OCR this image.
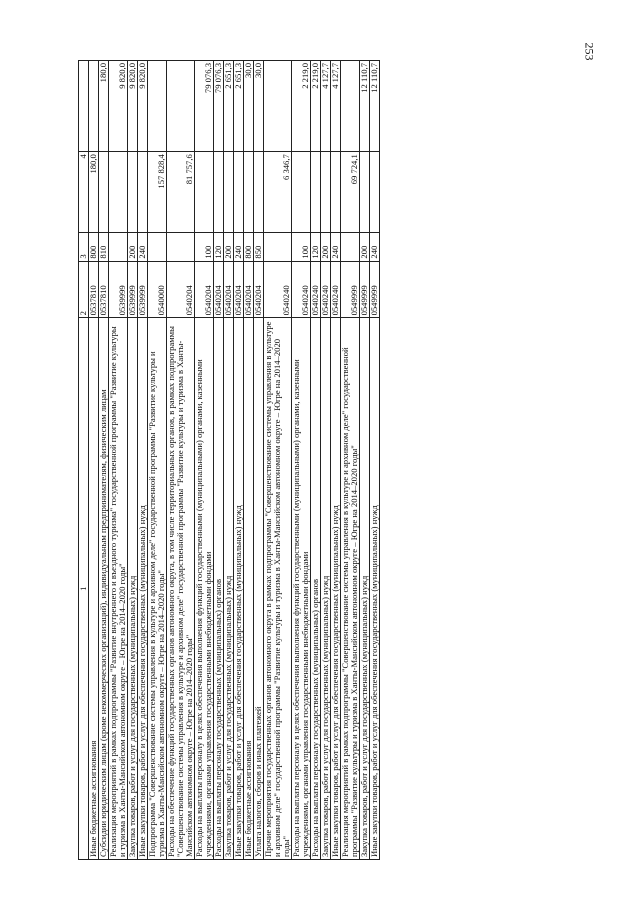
253
1	2	3	4	
Иные бюджетные ассигнования	0537810	800	180,0	
Субсидии юридическим лицам (кроме некоммерческих организаций), индивидуальным предпринимателям, физическим лицам	0537810	810		180,0
Реализация мероприятий в рамках подпрограммы "Развитие внутреннего и въездного туризма" государственной программы "Развитие культуры и туризма в Ханты-Мансийском автономном округе – Югре на 2014–2020 годы"	0539999			9 820,0
Закупка товаров, работ и услуг для государственных (муниципальных) нужд	0539999	200		9 820,0
Иные закупки товаров, работ и услуг для обеспечения государственных (муниципальных) нужд	0539999	240		9 820,0
Подпрограмма "Совершенствование системы управления в культуре и архивном деле" государственной программы "Развитие культуры и туризма в Ханты-Мансийском автономном округе – Югре на 2014–2020 годы"	0540000		157 828,4	
Расходы на обеспечение функций государственных органов автономного округа, в том числе территориальных органов, в рамках подпрограммы "Совершенствование системы управления в культуре и архивном деле" государственной программы "Развитие культуры и туризма в Ханты-Мансийском автономном округе – Югре на 2014–2020 годы"	0540204		81 757,6	
Расходы на выплаты персоналу в целях обеспечения выполнения функций государственными (муниципальными) органами, казенными учреждениями, органами управления государственными внебюджетными фондами	0540204	100		79 076,3
Расходы на выплаты персоналу государственных (муниципальных) органов	0540204	120		79 076,3
Закупка товаров, работ и услуг для государственных (муниципальных) нужд	0540204	200		2 651,3
Иные закупки товаров, работ и услуг для обеспечения государственных (муниципальных) нужд	0540204	240		2 651,3
Иные бюджетные ассигнования	0540204	800		30,0
Уплата налогов, сборов и иных платежей	0540204	850		30,0
Прочие мероприятия государственных органов автономного округа в рамках подпрограммы "Совершенствование системы управления в культуре и архивном деле" государственной программы "Развитие культуры и туризма в Ханты-Мансийском автономном округе – Югре на 2014–2020 годы"	0540240		6 346,7	
Расходы на выплаты персоналу в целях обеспечения выполнения функций государственными (муниципальными) органами, казенными учреждениями, органами управления государственными внебюджетными фондами	0540240	100		2 219,0
Расходы на выплаты персоналу государственных (муниципальных) органов	0540240	120		2 219,0
Закупка товаров, работ и услуг для государственных (муниципальных) нужд	0540240	200		4 127,7
Иные закупки товаров, работ и услуг для обеспечения государственных (муниципальных) нужд	0540240	240		4 127,7
Реализация мероприятий в рамках подпрограммы "Совершенствование системы управления в культуре и архивном деле" государственной программы "Развитие культуры и туризма в Ханты-Мансийском автономном округе – Югре на 2014–2020 годы"	0549999		69 724,1	
Закупка товаров, работ и услуг для государственных (муниципальных) нужд	0549999	200		12 110,7
Иные закупки товаров, работ и услуг для обеспечения государственных (муниципальных) нужд	0549999	240		12 110,7
